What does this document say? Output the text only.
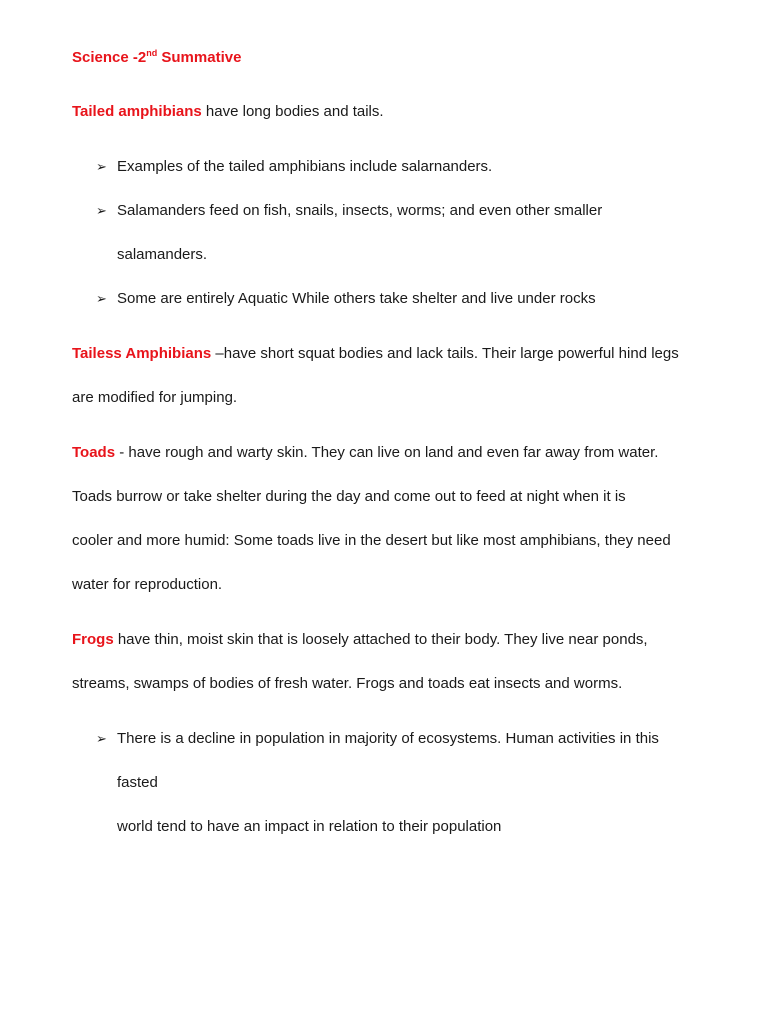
Science -2nd Summative
Tailed amphibians have long bodies and tails.
➢ Examples of the tailed amphibians include salarnanders.
➢ Salamanders feed on fish, snails, insects, worms; and even other smaller
salamanders.
➢ Some are entirely Aquatic While others take shelter and live under rocks
Tailess Amphibians –have short squat bodies and lack tails. Their large powerful hind legs
are modified for jumping.
Toads - have rough and warty skin. They can live on land and even far away from water.
Toads burrow or take shelter during the day and come out to feed at night when it is
cooler and more humid: Some toads live in the desert but like most amphibians, they need
water for reproduction.
Frogs have thin, moist skin that is loosely attached to their body. They live near ponds,
streams, swamps of bodies of fresh water. Frogs and toads eat insects and worms.
➢ There is a decline in population in majority of ecosystems. Human activities in this
fasted
world tend to have an impact in relation to their population
